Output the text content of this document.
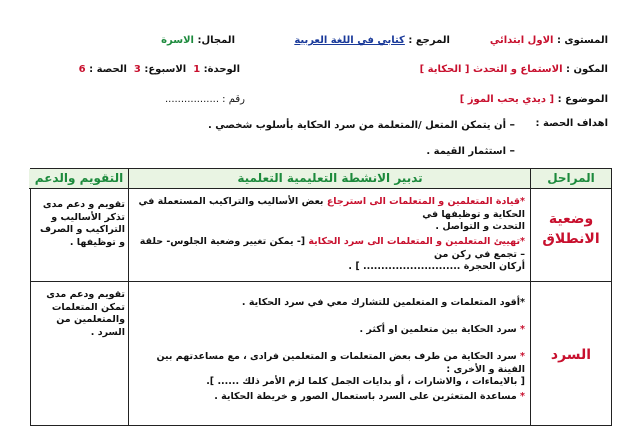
المستوى : الاول ابتدائي
المرجع : كتابي في اللغة العربية
المجال: الاسرة
المكون : الاستماع و التحدث [ الحكاية ]
الوحدة: 1  الاسبوع: 3  الحصة : 6
الموضوع : [ ديدي يحب الموز ]
رقم : .................
اهداف الحصة :
– أن يتمكن المتعل /المتعلمة من سرد الحكاية بأسلوب شخصي .
– استثمار القيمة .
المراحل
تدبير الانشطة التعليمية التعلمية
التقويم والدعم
وضعية
الانطلاق
*قيادة المتعلمين و المتعلمات الى استرجاع بعض الأساليب والتراكيب المستعملة في الحكاية و توظيفها في
التحدث و التواصل .
*تهييئ المتعلمين و المتعلمات الى سرد الحكاية [- يمكن تغيير وضعية الجلوس- حلقة – تجمع في ركن من
أركان الحجرة ........................... ] .
تقويم و دعم مدى تذكر الأساليب و التراكيب و الصرف و توظيفها .
السرد
*أقود المتعلمات و المتعلمين للتشارك معي في سرد الحكاية .
* سرد الحكاية بين متعلمين او أكثر .
* سرد الحكاية من طرف بعض المتعلمات و المتعلمين فرادى ، مع مساعدتهم بين الفينة و الأخرى :
[ بالايماءات ، والاشارات ، أو بدايات الجمل كلما لزم الأمر ذلك ...... ].
* مساعدة المتعثرين على السرد باستعمال الصور و خريطة الحكاية .
تقويم ودعم مدى تمكن المتعلمات والمتعلمين من السرد .
